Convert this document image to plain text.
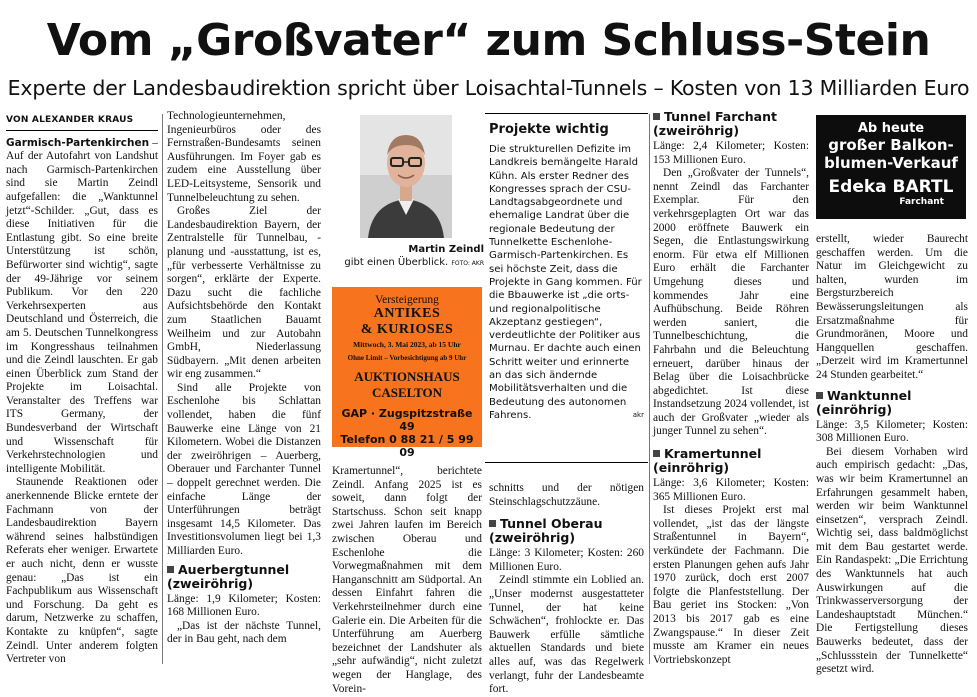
Vom „Großvater“ zum Schluss-Stein
Experte der Landesbaudirektion spricht über Loisachtal-Tunnels – Kosten von 13 Milliarden Euro
VON ALEXANDER KRAUS

Garmisch-Partenkirchen – Auf der Autofahrt von Landshut nach Garmisch-Partenkirchen sind sie Martin Zeindl aufgefallen: die „Wanktunnel jetzt“-Schilder. „Gut, dass es diese Initiativen für die Entlastung gibt. So eine breite Unterstützung ist schön, Befürworter sind wichtig“, sagte der 49-Jährige vor seinem Publikum. Vor den 220 Verkehrsexperten aus Deutschland und Österreich, die am 5. Deutschen Tunnelkongress im Kongresshaus teilnahmen und die Zeindl lauschten. Er gab einen Überblick zum Stand der Projekte im Loisachtal. Veranstalter des Treffens war ITS Germany, der Bundesverband der Wirtschaft und Wissenschaft für Verkehrstechnologien und intelligente Mobilität.

Staunende Reaktionen oder anerkennende Blicke erntete der Fachmann von der Landesbaudirektion Bayern während seines halbstündigen Referats eher weniger. Erwartete er auch nicht, denn er wusste genau: „Das ist ein Fachpublikum aus Wissenschaft und Forschung. Da geht es darum, Netzwerke zu schaffen, Kontakte zu knüpfen“, sagte Zeindl. Unter anderem folgten Vertreter von

Technologieunternehmen, Ingenieurbüros oder des Fernstraßen-Bundesamts seinen Ausführungen. Im Foyer gab es zudem eine Ausstellung über LED-Leitsysteme, Sensorik und Tunnelbeleuchtung zu sehen.

Großes Ziel der Landesbaudirektion Bayern, der Zentralstelle für Tunnelbau, -planung und -ausstattung, ist es, „für verbesserte Verhältnisse zu sorgen“, erklärte der Experte. Dazu sucht die fachliche Aufsichtsbehörde den Kontakt zum Staatlichen Bauamt Weilheim und zur Autobahn GmbH, Niederlassung Südbayern. „Mit denen arbeiten wir eng zusammen.“

Sind alle Projekte von Eschenlohe bis Schlattan vollendet, haben die fünf Bauwerke eine Länge von 21 Kilometern. Wobei die Distanzen der zweiröhrigen – Auerberg, Oberauer und Farchanter Tunnel – doppelt gerechnet werden. Die einfache Länge der Unterführungen beträgt insgesamt 14,5 Kilometer. Das Investitionsvolumen liegt bei 1,3 Milliarden Euro.

Auerbergtunnel (zweiröhrig)

Länge: 1,9 Kilometer; Kosten: 168 Millionen Euro.

„Das ist der nächste Tunnel, der in Bau geht, nach dem

Martin Zeindl
gibt einen Überblick. FOTO: AKR
Versteigerung
ANTIKES
& KURIOSES
Mittwoch, 3. Mai 2023, ab 15 Uhr
Ohne Limit – Vorbesichtigung ab 9 Uhr
AUKTIONSHAUS
CASELTON
GAP · Zugspitzstraße 49
Telefon 0 88 21 / 5 99 09

Kramertunnel“, berichtete Zeindl. Anfang 2025 ist es soweit, dann folgt der Startschuss. Schon seit knapp zwei Jahren laufen im Bereich zwischen Oberau und Eschenlohe die Vorwegmaßnahmen mit dem Hanganschnitt am Südportal. An dessen Einfahrt fahren die Verkehrsteilnehmer durch eine Galerie ein. Die Arbeiten für die Unterführung am Auerberg bezeichnet der Landshuter als „sehr aufwändig“, nicht zuletzt wegen der Hanglage, des Vorein-

Projekte wichtig
Die strukturellen Defizite im Landkreis bemängelte Harald Kühn. Als erster Redner des Kongresses sprach der CSU-Landtagsabgeordnete und ehemalige Landrat über die regionale Bedeutung der Tunnelkette Eschenlohe-Garmisch-Partenkirchen. Es sei höchste Zeit, dass die Projekte in Gang kommen. Für die Bbauwerke ist „die orts- und regionalpolitische Akzeptanz gestiegen“, verdeutlichte der Politiker aus Murnau. Er dachte auch einen Schritt weiter und erinnerte an das sich ändernde Mobilitätsverhalten und die Bedeutung des autonomen Fahrens.	akr

schnitts und der nötigen Steinschlagschutzzäune.

Tunnel Oberau (zweiröhrig)

Länge: 3 Kilometer; Kosten: 260 Millionen Euro.

Zeindl stimmte ein Loblied an. „Unser modernst ausgestatteter Tunnel, der hat keine Schwächen“, frohlockte er. Das Bauwerk erfülle sämtliche aktuellen Standards und biete alles auf, was das Regelwerk verlangt, fuhr der Landesbeamte fort.

Tunnel Farchant (zweiröhrig)

Länge: 2,4 Kilometer; Kosten: 153 Millionen Euro.

Den „Großvater der Tunnels“, nennt Zeindl das Farchanter Exemplar. Für den verkehrsgeplagten Ort war das 2000 eröffnete Bauwerk ein Segen, die Entlastungswirkung enorm. Für etwa elf Millionen Euro erhält die Farchanter Umgehung dieses und kommendes Jahr eine Aufhübschung. Beide Röhren werden saniert, die Tunnelbeschichtung, die Fahrbahn und die Beleuchtung erneuert, darüber hinaus der Belag über die Loisachbrücke abgedichtet. Ist diese Instandsetzung 2024 vollendet, ist auch der Großvater „wieder als junger Tunnel zu sehen“.

Kramertunnel (einröhrig)

Länge: 3,6 Kilometer; Kosten: 365 Millionen Euro.

Ist dieses Projekt erst mal vollendet, „ist das der längste Straßentunnel in Bayern“, verkündete der Fachmann. Die ersten Planungen gehen aufs Jahr 1970 zurück, doch erst 2007 folgte die Planfeststellung. Der Bau geriet ins Stocken: „Von 2013 bis 2017 gab es eine Zwangspause.“ In dieser Zeit musste am Kramer ein neues Vortriebskonzept

Ab heute
großer Balkon-
blumen-Verkauf
Edeka BARTL
Farchant

erstellt, wieder Baurecht geschaffen werden. Um die Natur im Gleichgewicht zu halten, wurden im Bergsturzbereich Bewässerungsleitungen als Ersatzmaßnahme für Grundmoränen, Moore und Hangquellen geschaffen. „Derzeit wird im Kramertunnel 24 Stunden gearbeitet.“

Wanktunnel (einröhrig)

Länge: 3,5 Kilometer; Kosten: 308 Millionen Euro.

Bei diesem Vorhaben wird auch empirisch gedacht: „Das, was wir beim Kramertunnel an Erfahrungen gesammelt haben, werden wir beim Wanktunnel einsetzen“, versprach Zeindl. Wichtig sei, dass baldmöglichst mit dem Bau gestartet werde. Ein Randaspekt: „Die Errichtung des Wanktunnels hat auch Auswirkungen auf die Trinkwasserversorgung der Landeshauptstadt München.“ Die Fertigstellung dieses Bauwerks bedeutet, dass der „Schlussstein der Tunnelkette“ gesetzt wird.
